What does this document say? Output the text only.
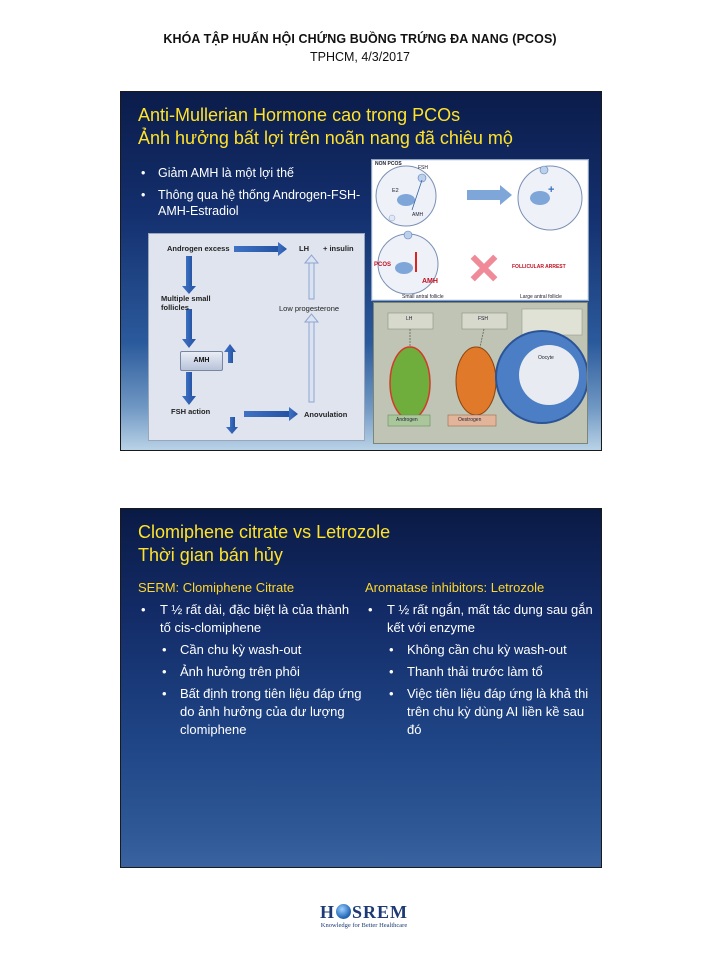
KHÓA TẬP HUẤN HỘI CHỨNG BUỒNG TRỨNG ĐA NANG (PCOS)
TPHCM, 4/3/2017
Anti-Mullerian Hormone cao trong PCOs
Ảnh hưởng bất lợi trên noãn nang đã chiêu mộ
• Giảm AMH là một lợi thế
• Thông qua hệ thống Androgen-FSH-AMH-Estradiol
Androgen excess	LH + insulin
Multiple small follicles	Low progesterone
AMH
FSH action	Anovulation
+
NON PCOS
FSH
E2
AMH
PCOS
AMH
FOLLICULAR ARREST
Small antral follicle	Large antral follicle
LH	FSH
Androgen	Oestrogen
Oocyte
Clomiphene citrate vs Letrozole
Thời gian bán hủy
SERM: Clomiphene Citrate
• T ½ rất dài, đặc biệt là của thành tố cis-clomiphene
• Cần chu kỳ wash-out
• Ảnh hưởng trên phôi
• Bất định trong tiên liệu đáp ứng do ảnh hưởng của dư lượng clomiphene
Aromatase inhibitors: Letrozole
• T ½ rất ngắn, mất tác dụng sau gắn kết với enzyme
• Không cần chu kỳ wash-out
• Thanh thải trước làm tổ
• Việc tiên liệu đáp ứng là khả thi trên chu kỳ dùng AI liền kề sau đó
H SREM
Knowledge for Better Healthcare
